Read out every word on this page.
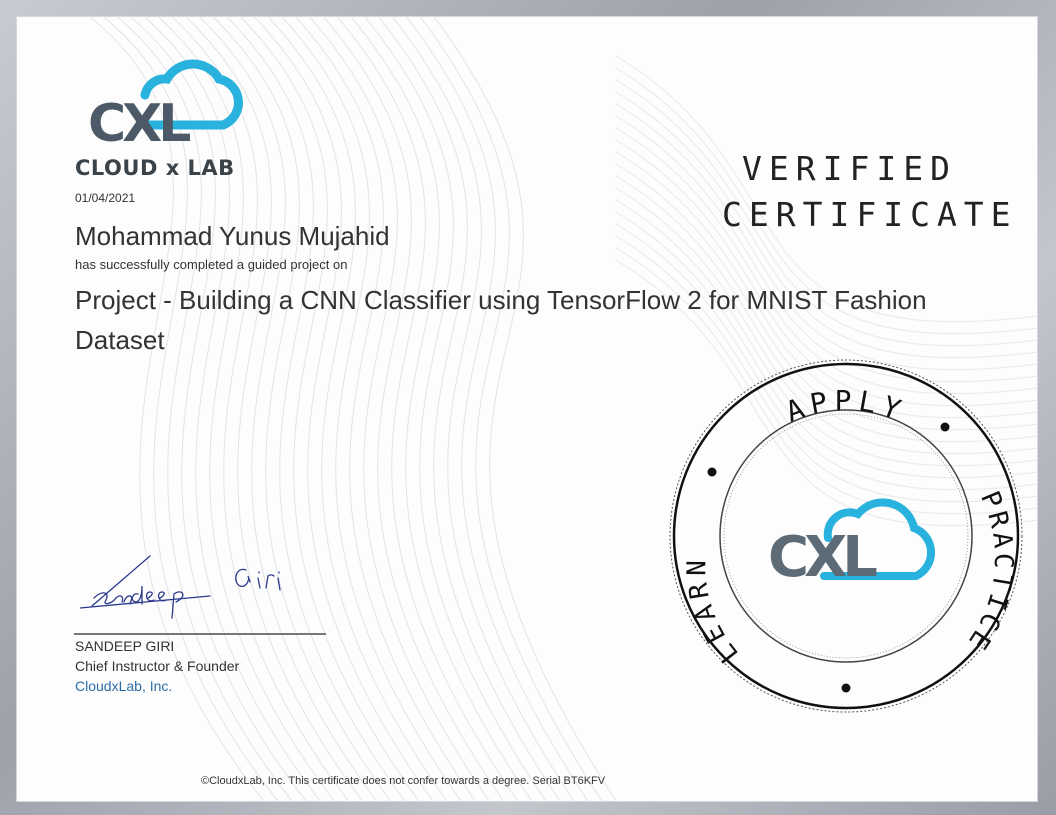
CXL
CLOUD x LAB
01/04/2021
Mohammad Yunus Mujahid
has successfully completed a guided project on
Project - Building a CNN Classifier using TensorFlow 2 for MNIST Fashion Dataset
VERIFIED
CERTIFICATE
SANDEEP GIRI
Chief Instructor & Founder
CloudxLab, Inc.
APPLY
PRACTICE
LEARN CXL
©CloudxLab, Inc. This certificate does not confer towards a degree. Serial BT6KFV
